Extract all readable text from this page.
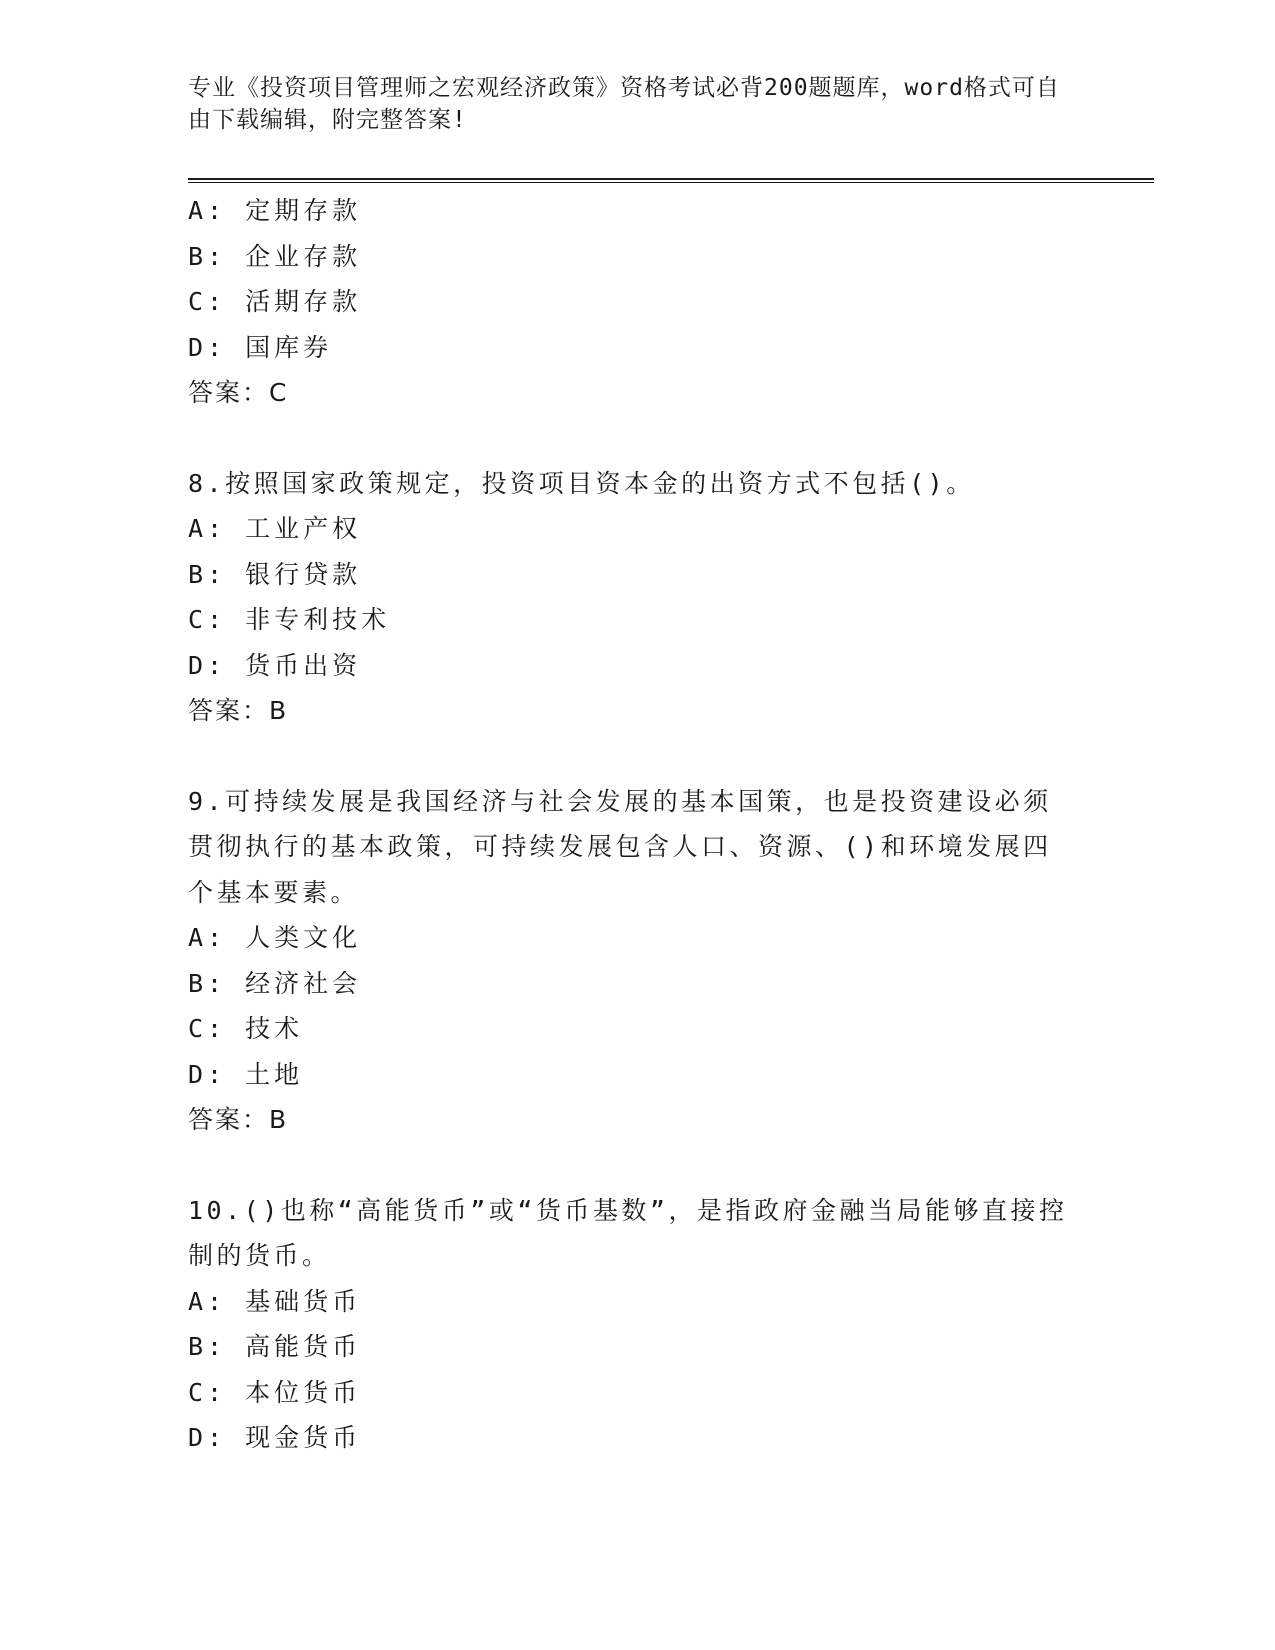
专业《投资项目管理师之宏观经济政策》资格考试必背200题题库，word格式可自由下载编辑，附完整答案!
A: 定期存款
B: 企业存款
C: 活期存款
D: 国库券
答案：C
8.按照国家政策规定，投资项目资本金的出资方式不包括()。
A: 工业产权
B: 银行贷款
C: 非专利技术
D: 货币出资
答案：B
9.可持续发展是我国经济与社会发展的基本国策，也是投资建设必须贯彻执行的基本政策，可持续发展包含人口、资源、()和环境发展四个基本要素。
A: 人类文化
B: 经济社会
C: 技术
D: 土地
答案：B
10.()也称“高能货币”或“货币基数”，是指政府金融当局能够直接控制的货币。
A: 基础货币
B: 高能货币
C: 本位货币
D: 现金货币
